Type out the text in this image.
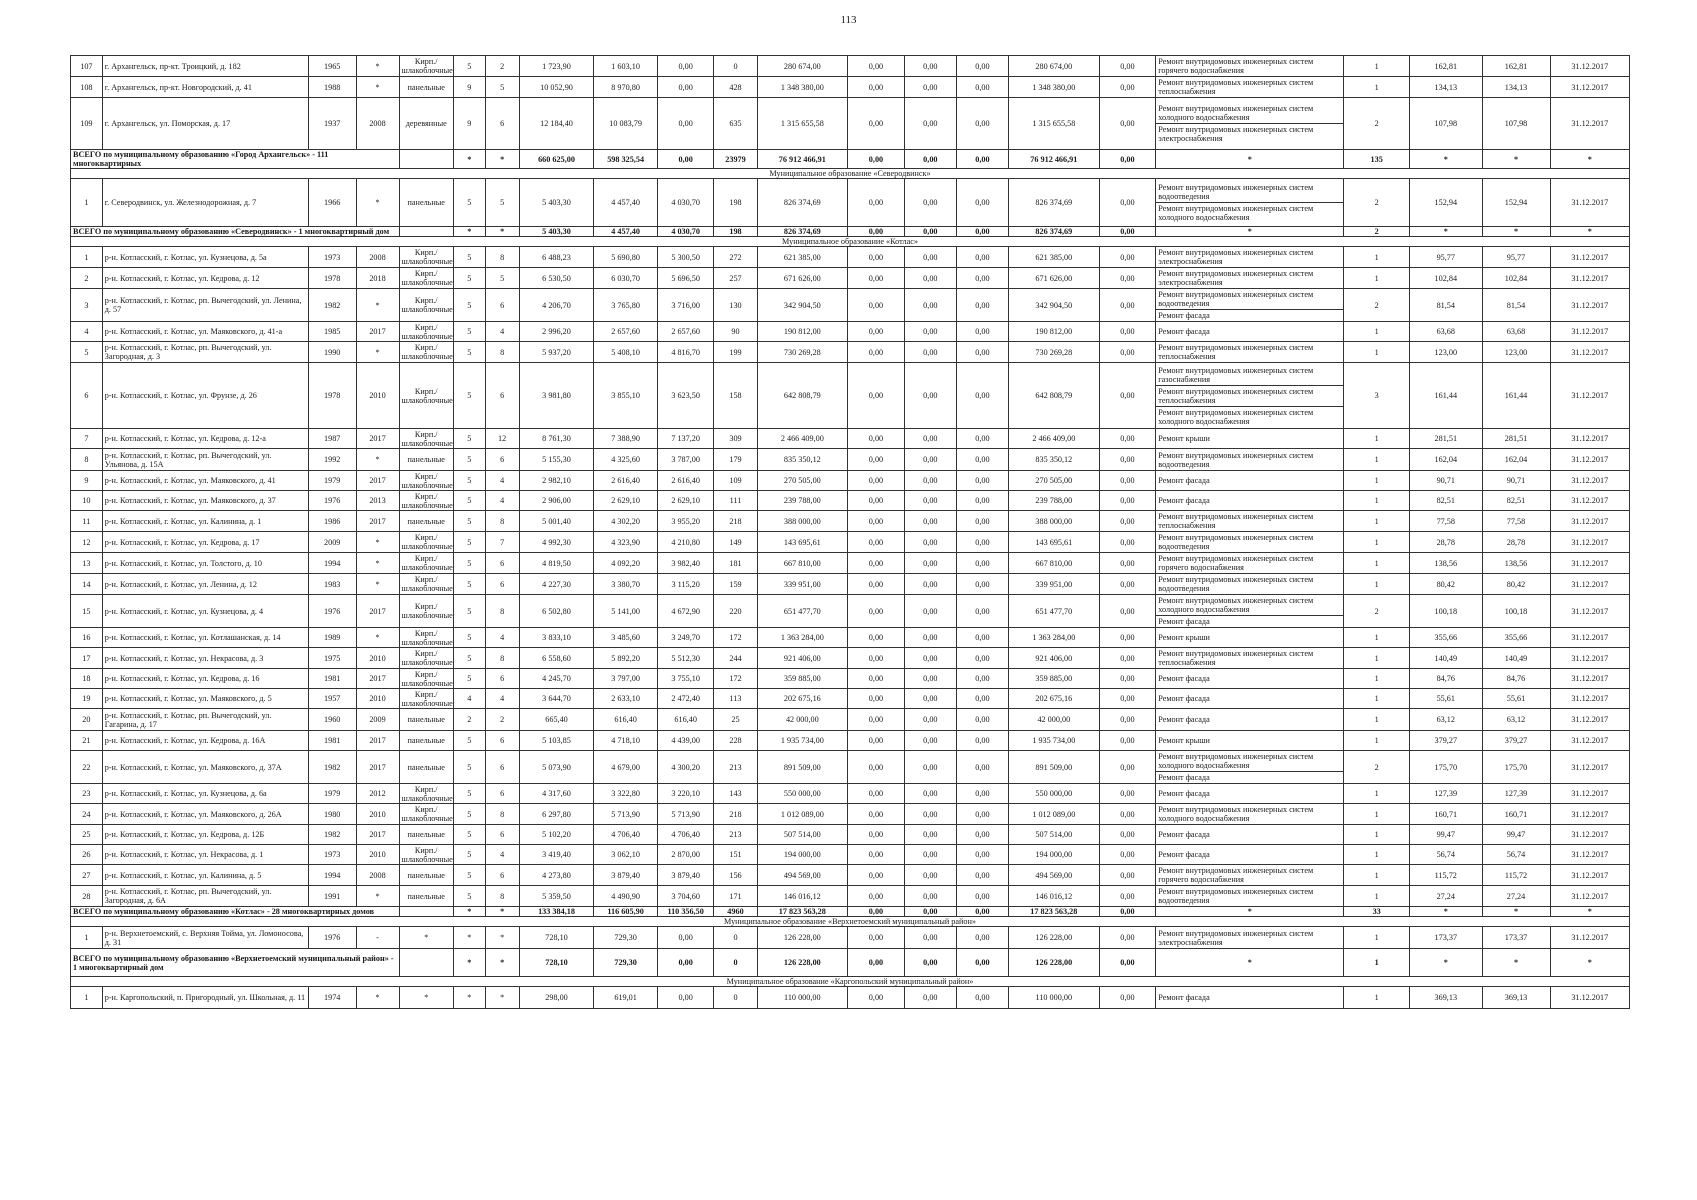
113
107	г. Архангельск, пр-кт. Троицкий, д. 182	1965	*	Кирп./шлакоблочные	5	2	1 723,90	1 603,10	0,00	0	280 674,00	0,00	0,00	0,00	280 674,00	0,00	Ремонт внутридомовых инженерных систем горячего водоснабжения	1	162,81	162,81	31.12.2017
108	г. Архангельск, пр-кт. Новгородский, д. 41	1988	*	панельные	9	5	10 052,90	8 970,80	0,00	428	1 348 380,00	0,00	0,00	0,00	1 348 380,00	0,00	Ремонт внутридомовых инженерных систем теплоснабжения	1	134,13	134,13	31.12.2017
109	г. Архангельск, ул. Поморская, д. 17	1937	2008	деревянные	9	6	12 184,40	10 083,79	0,00	635	1 315 655,58	0,00	0,00	0,00	1 315 655,58	0,00	Ремонт внутридомовых инженерных систем холодного водоснабжения
Ремонт внутридомовых инженерных систем электроснабжения	2	107,98	107,98	31.12.2017
ВСЕГО по муниципальному образованию «Город Архангельск» - 111 многоквартирных					*	*	660 625,00	598 325,54	0,00	23979	76 912 466,91	0,00	0,00	0,00	76 912 466,91	0,00	*	135	*	*	*
Муниципальное образование «Северодвинск»																					
1	г. Северодвинск, ул. Железнодорожная, д. 7	1966	*	панельные	5	5	5 403,30	4 457,40	4 030,70	198	826 374,69	0,00	0,00	0,00	826 374,69	0,00	Ремонт внутридомовых инженерных систем водоотведения
Ремонт внутридомовых инженерных систем холодного водоснабжения	2	152,94	152,94	31.12.2017
ВСЕГО по муниципальному образованию «Северодвинск» - 1 многоквартирный дом					*	*	5 403,30	4 457,40	4 030,70	198	826 374,69	0,00	0,00	0,00	826 374,69	0,00	*	2	*	*	*
Муниципальное образование «Котлас»																					
1	р-н. Котласский, г. Котлас, ул. Кузнецова, д. 5а	1973	2008	Кирп./шлакоблочные	5	8	6 488,23	5 690,80	5 300,50	272	621 385,00	0,00	0,00	0,00	621 385,00	0,00	Ремонт внутридомовых инженерных систем электроснабжения	1	95,77	95,77	31.12.2017
2	р-н. Котласский, г. Котлас, ул. Кедрова, д. 12	1978	2018	Кирп./шлакоблочные	5	5	6 530,50	6 030,70	5 696,50	257	671 626,00	0,00	0,00	0,00	671 626,00	0,00	Ремонт внутридомовых инженерных систем электроснабжения	1	102,84	102,84	31.12.2017
3	р-н. Котласский, г. Котлас, рп. Вычегодский, ул. Ленина, д. 57	1982	*	Кирп./шлакоблочные	5	6	4 206,70	3 765,80	3 716,00	130	342 904,50	0,00	0,00	0,00	342 904,50	0,00	Ремонт внутридомовых инженерных систем водоотведения
Ремонт фасада	2	81,54	81,54	31.12.2017
4	р-н. Котласский, г. Котлас, ул. Маяковского, д. 41-а	1985	2017	Кирп./шлакоблочные	5	4	2 996,20	2 657,60	2 657,60	90	190 812,00	0,00	0,00	0,00	190 812,00	0,00	Ремонт фасада	1	63,68	63,68	31.12.2017
5	р-н. Котласский, г. Котлас, рп. Вычегодский, ул. Загородная, д. 3	1990	*	Кирп./шлакоблочные	5	8	5 937,20	5 408,10	4 816,70	199	730 269,28	0,00	0,00	0,00	730 269,28	0,00	Ремонт внутридомовых инженерных систем теплоснабжения	1	123,00	123,00	31.12.2017
6	р-н. Котласский, г. Котлас, ул. Фрунзе, д. 26	1978	2010	Кирп./шлакоблочные	5	6	3 981,80	3 855,10	3 623,50	158	642 808,79	0,00	0,00	0,00	642 808,79	0,00	Ремонт внутридомовых инженерных систем газоснабжения
Ремонт внутридомовых инженерных систем теплоснабжения
Ремонт внутридомовых инженерных систем холодного водоснабжения	3	161,44	161,44	31.12.2017
7	р-н. Котласский, г. Котлас, ул. Кедрова, д. 12-а	1987	2017	Кирп./шлакоблочные	5	12	8 761,30	7 388,90	7 137,20	309	2 466 409,00	0,00	0,00	0,00	2 466 409,00	0,00	Ремонт крыши	1	281,51	281,51	31.12.2017
8	р-н. Котласский, г. Котлас, рп. Вычегодский, ул. Ульянова, д. 15А	1992	*	панельные	5	6	5 155,30	4 325,60	3 787,00	179	835 350,12	0,00	0,00	0,00	835 350,12	0,00	Ремонт внутридомовых инженерных систем водоотведения	1	162,04	162,04	31.12.2017
9	р-н. Котласский, г. Котлас, ул. Маяковского, д. 41	1979	2017	Кирп./шлакоблочные	5	4	2 982,10	2 616,40	2 616,40	109	270 505,00	0,00	0,00	0,00	270 505,00	0,00	Ремонт фасада	1	90,71	90,71	31.12.2017
10	р-н. Котласский, г. Котлас, ул. Маяковского, д. 37	1976	2013	Кирп./шлакоблочные	5	4	2 906,00	2 629,10	2 629,10	111	239 788,00	0,00	0,00	0,00	239 788,00	0,00	Ремонт фасада	1	82,51	82,51	31.12.2017
11	р-н. Котласский, г. Котлас, ул. Калинина, д. 1	1986	2017	панельные	5	8	5 001,40	4 302,20	3 955,20	218	388 000,00	0,00	0,00	0,00	388 000,00	0,00	Ремонт внутридомовых инженерных систем теплоснабжения	1	77,58	77,58	31.12.2017
12	р-н. Котласский, г. Котлас, ул. Кедрова, д. 17	2009	*	Кирп./шлакоблочные	5	7	4 992,30	4 323,90	4 210,80	149	143 695,61	0,00	0,00	0,00	143 695,61	0,00	Ремонт внутридомовых инженерных систем водоотведения	1	28,78	28,78	31.12.2017
13	р-н. Котласский, г. Котлас, ул. Толстого, д. 10	1994	*	Кирп./шлакоблочные	5	6	4 819,50	4 092,20	3 982,40	181	667 810,00	0,00	0,00	0,00	667 810,00	0,00	Ремонт внутридомовых инженерных систем горячего водоснабжения	1	138,56	138,56	31.12.2017
14	р-н. Котласский, г. Котлас, ул. Ленина, д. 12	1983	*	Кирп./шлакоблочные	5	6	4 227,30	3 380,70	3 115,20	159	339 951,00	0,00	0,00	0,00	339 951,00	0,00	Ремонт внутридомовых инженерных систем водоотведения	1	80,42	80,42	31.12.2017
15	р-н. Котласский, г. Котлас, ул. Кузнецова, д. 4	1976	2017	Кирп./шлакоблочные	5	8	6 502,80	5 141,00	4 672,90	220	651 477,70	0,00	0,00	0,00	651 477,70	0,00	Ремонт внутридомовых инженерных систем холодного водоснабжения
Ремонт фасада	2	100,18	100,18	31.12.2017
16	р-н. Котласский, г. Котлас, ул. Котлашанская, д. 14	1989	*	Кирп./шлакоблочные	5	4	3 833,10	3 485,60	3 249,70	172	1 363 284,00	0,00	0,00	0,00	1 363 284,00	0,00	Ремонт крыши	1	355,66	355,66	31.12.2017
17	р-н. Котласский, г. Котлас, ул. Некрасова, д. 3	1975	2010	Кирп./шлакоблочные	5	8	6 558,60	5 892,20	5 512,30	244	921 406,00	0,00	0,00	0,00	921 406,00	0,00	Ремонт внутридомовых инженерных систем теплоснабжения	1	140,49	140,49	31.12.2017
18	р-н. Котласский, г. Котлас, ул. Кедрова, д. 16	1981	2017	Кирп./шлакоблочные	5	6	4 245,70	3 797,00	3 755,10	172	359 885,00	0,00	0,00	0,00	359 885,00	0,00	Ремонт фасада	1	84,76	84,76	31.12.2017
19	р-н. Котласский, г. Котлас, ул. Маяковского, д. 5	1957	2010	Кирп./шлакоблочные	4	4	3 644,70	2 633,10	2 472,40	113	202 675,16	0,00	0,00	0,00	202 675,16	0,00	Ремонт фасада	1	55,61	55,61	31.12.2017
20	р-н. Котласский, г. Котлас, рп. Вычегодский, ул. Гагарина, д. 17	1960	2009	панельные	2	2	665,40	616,40	616,40	25	42 000,00	0,00	0,00	0,00	42 000,00	0,00	Ремонт фасада	1	63,12	63,12	31.12.2017
21	р-н. Котласский, г. Котлас, ул. Кедрова, д. 16А	1981	2017	панельные	5	6	5 103,85	4 718,10	4 439,00	228	1 935 734,00	0,00	0,00	0,00	1 935 734,00	0,00	Ремонт крыши	1	379,27	379,27	31.12.2017
22	р-н. Котласский, г. Котлас, ул. Маяковского, д. 37А	1982	2017	панельные	5	6	5 073,90	4 679,00	4 300,20	213	891 509,00	0,00	0,00	0,00	891 509,00	0,00	Ремонт внутридомовых инженерных систем холодного водоснабжения
Ремонт фасада	2	175,70	175,70	31.12.2017
23	р-н. Котласский, г. Котлас, ул. Кузнецова, д. 6а	1979	2012	Кирп./шлакоблочные	5	6	4 317,60	3 322,80	3 220,10	143	550 000,00	0,00	0,00	0,00	550 000,00	0,00	Ремонт фасада	1	127,39	127,39	31.12.2017
24	р-н. Котласский, г. Котлас, ул. Маяковского, д. 26А	1980	2010	Кирп./шлакоблочные	5	8	6 297,80	5 713,90	5 713,90	218	1 012 089,00	0,00	0,00	0,00	1 012 089,00	0,00	Ремонт внутридомовых инженерных систем холодного водоснабжения	1	160,71	160,71	31.12.2017
25	р-н. Котласский, г. Котлас, ул. Кедрова, д. 12Б	1982	2017	панельные	5	6	5 102,20	4 706,40	4 706,40	213	507 514,00	0,00	0,00	0,00	507 514,00	0,00	Ремонт фасада	1	99,47	99,47	31.12.2017
26	р-н. Котласский, г. Котлас, ул. Некрасова, д. 1	1973	2010	Кирп./шлакоблочные	5	4	3 419,40	3 062,10	2 870,00	151	194 000,00	0,00	0,00	0,00	194 000,00	0,00	Ремонт фасада	1	56,74	56,74	31.12.2017
27	р-н. Котласский, г. Котлас, ул. Калинина, д. 5	1994	2008	панельные	5	6	4 273,80	3 879,40	3 879,40	156	494 569,00	0,00	0,00	0,00	494 569,00	0,00	Ремонт внутридомовых инженерных систем горячего водоснабжения	1	115,72	115,72	31.12.2017
28	р-н. Котласский, г. Котлас, рп. Вычегодский, ул. Загородная, д. 6А	1991	*	панельные	5	8	5 359,50	4 490,90	3 704,60	171	146 016,12	0,00	0,00	0,00	146 016,12	0,00	Ремонт внутридомовых инженерных систем водоотведения	1	27,24	27,24	31.12.2017
ВСЕГО по муниципальному образованию «Котлас» - 28 многоквартирных домов					*	*	133 384,18	116 605,90	110 356,50	4960	17 823 563,28	0,00	0,00	0,00	17 823 563,28	0,00	*	33	*	*	*
Муниципальное образование «Верхнетоемский муниципальный район»																					
1	р-н. Верхнетоемский, с. Верхняя Тойма, ул. Ломоносова, д. 31	1976	-	*	*	*	728,10	729,30	0,00	0	126 228,00	0,00	0,00	0,00	126 228,00	0,00	Ремонт внутридомовых инженерных систем электроснабжения	1	173,37	173,37	31.12.2017
ВСЕГО по муниципальному образованию «Верхнетоемский муниципальный район» - 1 многоквартирный дом					*	*	728,10	729,30	0,00	0	126 228,00	0,00	0,00	0,00	126 228,00	0,00	*	1	*	*	*
Муниципальное образование «Каргопольский муниципальный район»																					
1	р-н. Каргопольский, п. Пригородный, ул. Школьная, д. 11	1974	*	*	*	*	298,00	619,01	0,00	0	110 000,00	0,00	0,00	0,00	110 000,00	0,00	Ремонт фасада	1	369,13	369,13	31.12.2017
